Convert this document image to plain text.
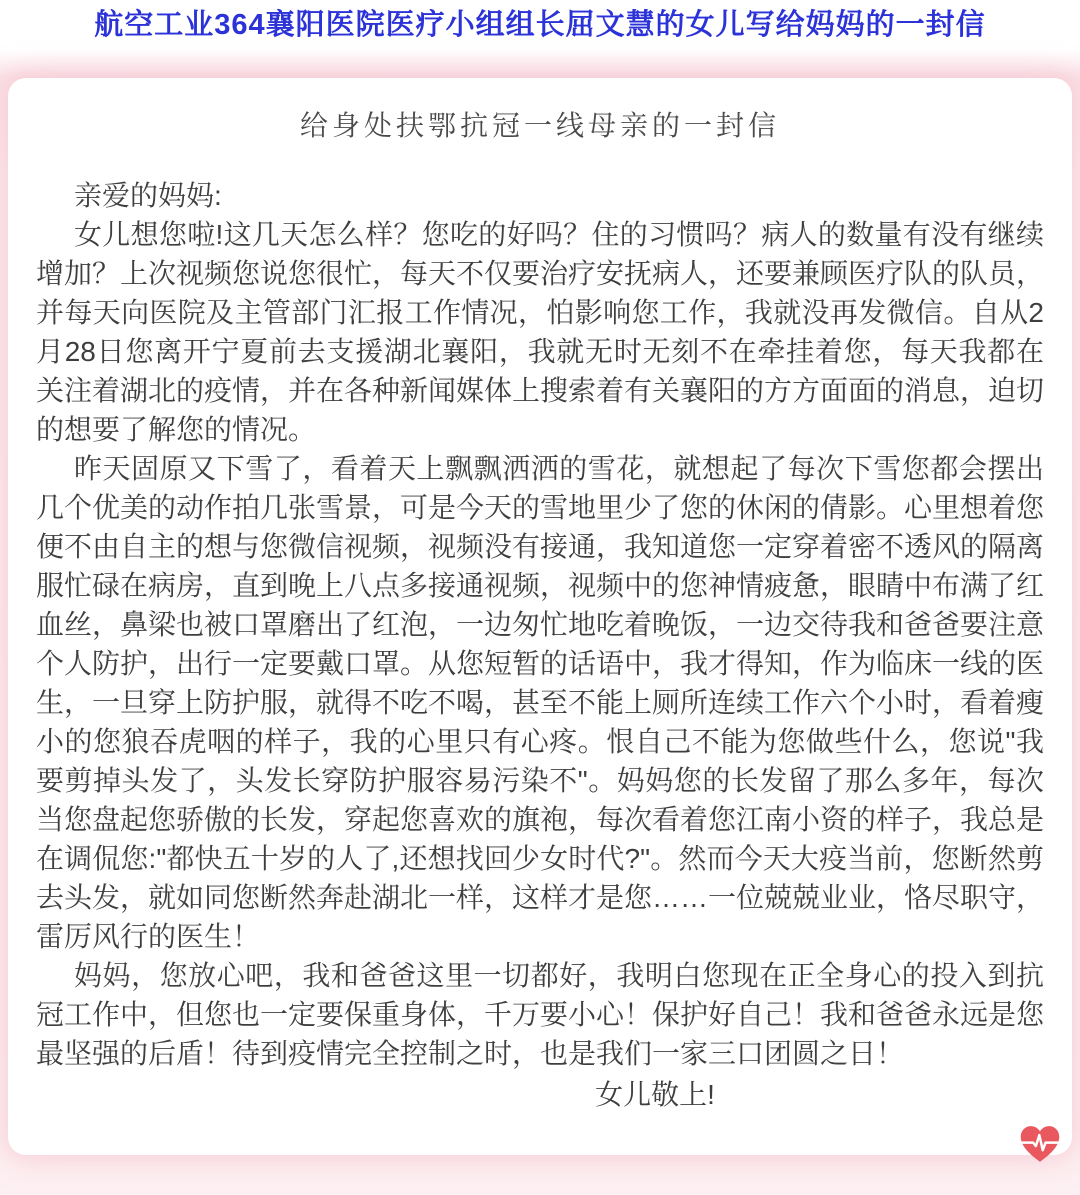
航空工业364襄阳医院医疗小组组长屈文慧的女儿写给妈妈的一封信
给身处扶鄂抗冠一线母亲的一封信

亲爱的妈妈:

女儿想您啦!这几天怎么样？您吃的好吗？住的习惯吗？病人的数量有没有继续增加？上次视频您说您很忙，每天不仅要治疗安抚病人，还要兼顾医疗队的队员，并每天向医院及主管部门汇报工作情况，怕影响您工作，我就没再发微信。自从2月28日您离开宁夏前去支援湖北襄阳，我就无时无刻不在牵挂着您，每天我都在关注着湖北的疫情，并在各种新闻媒体上搜索着有关襄阳的方方面面的消息，迫切的想要了解您的情况。

昨天固原又下雪了，看着天上飘飘洒洒的雪花，就想起了每次下雪您都会摆出几个优美的动作拍几张雪景，可是今天的雪地里少了您的休闲的倩影。心里想着您便不由自主的想与您微信视频，视频没有接通，我知道您一定穿着密不透风的隔离服忙碌在病房，直到晚上八点多接通视频，视频中的您神情疲惫，眼睛中布满了红血丝，鼻梁也被口罩磨出了红泡，一边匆忙地吃着晚饭，一边交待我和爸爸要注意个人防护，出行一定要戴口罩。从您短暂的话语中，我才得知，作为临床一线的医生，一旦穿上防护服，就得不吃不喝，甚至不能上厕所连续工作六个小时，看着瘦小的您狼吞虎咽的样子，我的心里只有心疼。恨自己不能为您做些什么，您说"我要剪掉头发了，头发长穿防护服容易污染不"。妈妈您的长发留了那么多年，每次当您盘起您骄傲的长发，穿起您喜欢的旗袍，每次看着您江南小资的样子，我总是在调侃您:"都快五十岁的人了,还想找回少女时代?"。然而今天大疫当前，您断然剪去头发，就如同您断然奔赴湖北一样，这样才是您……一位兢兢业业，恪尽职守，雷厉风行的医生！

妈妈，您放心吧，我和爸爸这里一切都好，我明白您现在正全身心的投入到抗冠工作中，但您也一定要保重身体，千万要小心！保护好自己！我和爸爸永远是您最坚强的后盾！待到疫情完全控制之时，也是我们一家三口团圆之日！

女儿敬上!
